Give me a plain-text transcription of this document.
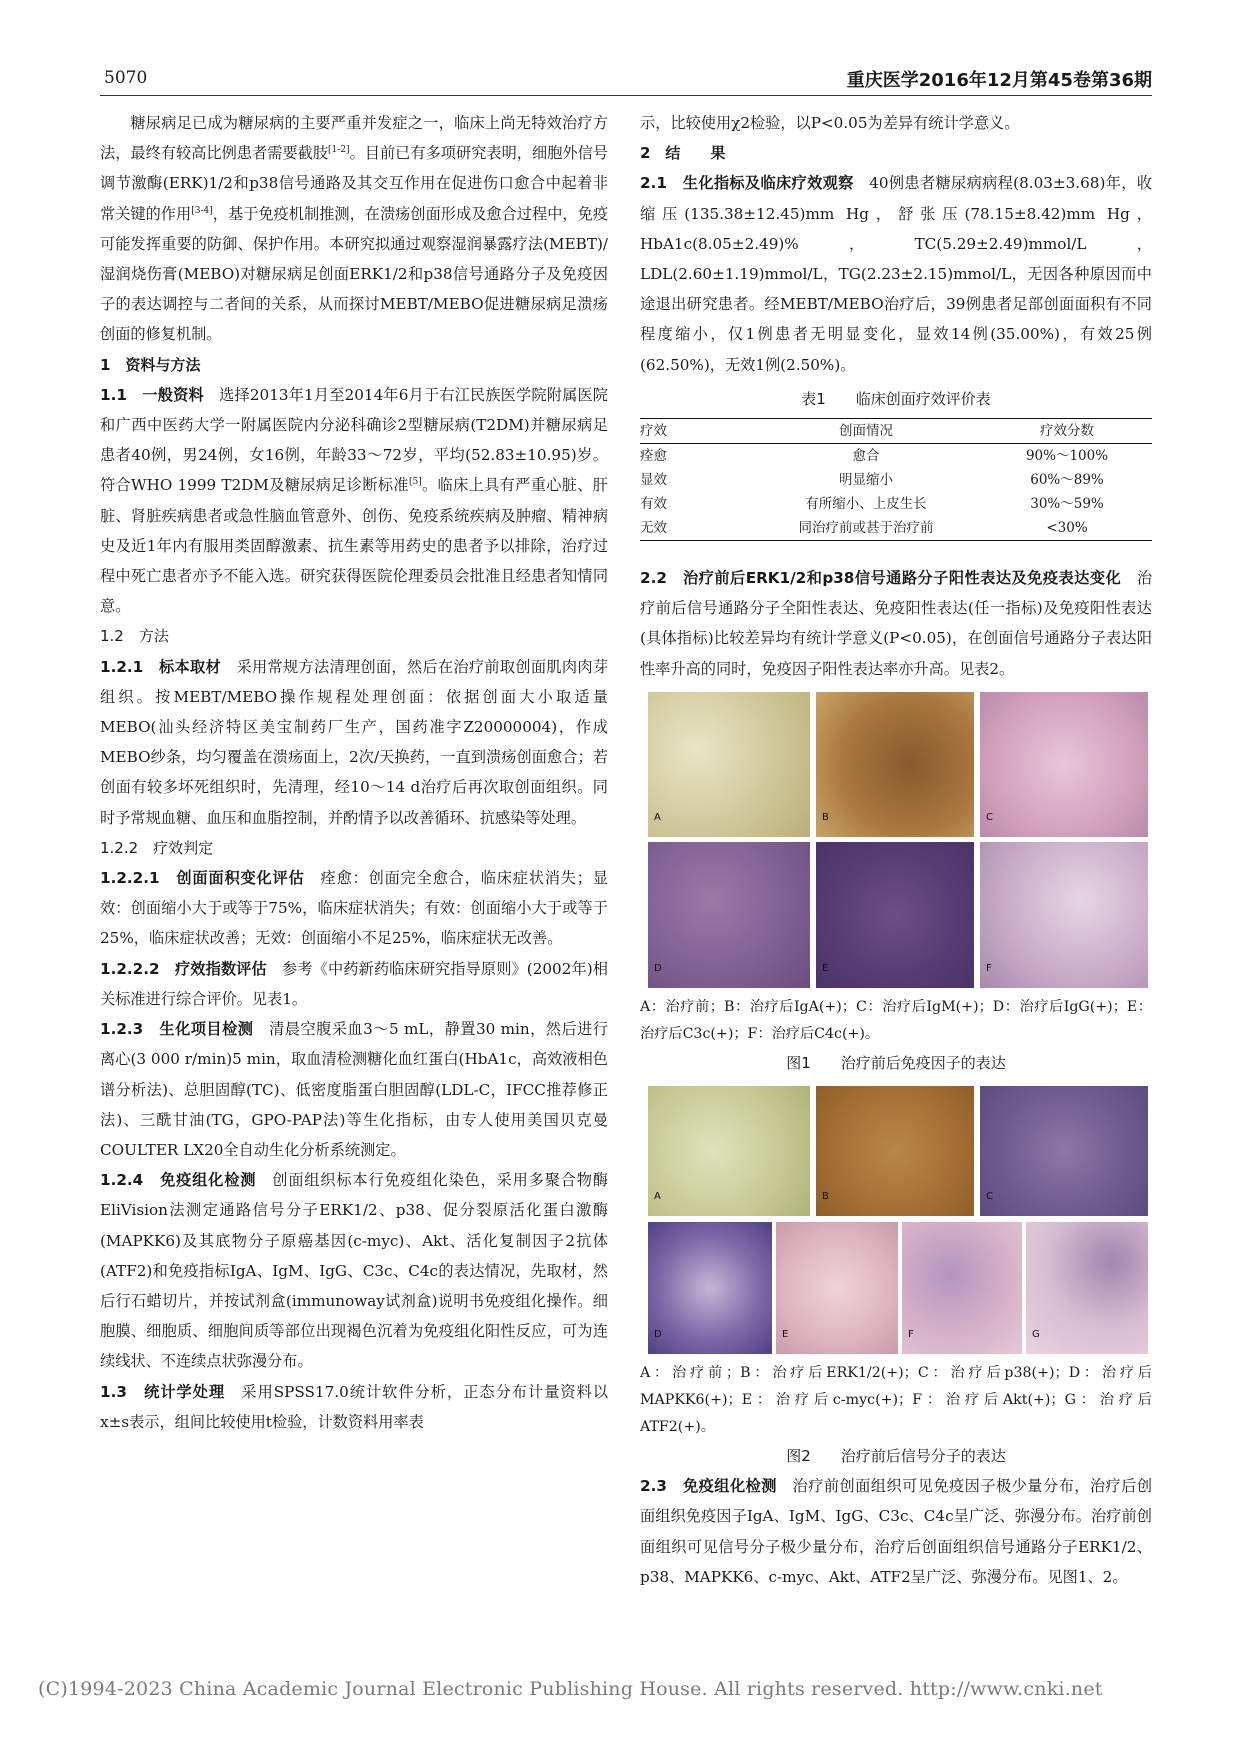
5070	重庆医学2016年12月第45卷第36期

糖尿病足已成为糖尿病的主要严重并发症之一，临床上尚无特效治疗方法，最终有较高比例患者需要截肢[1-2]。目前已有多项研究表明，细胞外信号调节激酶(ERK)1/2和p38信号通路及其交互作用在促进伤口愈合中起着非常关键的作用[3-4]，基于免疫机制推测，在溃疡创面形成及愈合过程中，免疫可能发挥重要的防御、保护作用。本研究拟通过观察湿润暴露疗法(MEBT)/湿润烧伤膏(MEBO)对糖尿病足创面ERK1/2和p38信号通路分子及免疫因子的表达调控与二者间的关系，从而探讨MEBT/MEBO促进糖尿病足溃疡创面的修复机制。

1　资料与方法

1.1　一般资料　选择2013年1月至2014年6月于右江民族医学院附属医院和广西中医药大学一附属医院内分泌科确诊2型糖尿病(T2DM)并糖尿病足患者40例，男24例，女16例，年龄33～72岁，平均(52.83±10.95)岁。符合WHO 1999 T2DM及糖尿病足诊断标准[5]。临床上具有严重心脏、肝脏、肾脏疾病患者或急性脑血管意外、创伤、免疫系统疾病及肿瘤、精神病史及近1年内有服用类固醇激素、抗生素等用药史的患者予以排除，治疗过程中死亡患者亦予不能入选。研究获得医院伦理委员会批准且经患者知情同意。

1.2　方法

1.2.1　标本取材　采用常规方法清理创面，然后在治疗前取创面肌肉肉芽组织。按MEBT/MEBO操作规程处理创面：依据创面大小取适量MEBO(汕头经济特区美宝制药厂生产，国药准字Z20000004)，作成MEBO纱条，均匀覆盖在溃疡面上，2次/天换药，一直到溃疡创面愈合；若创面有较多坏死组织时，先清理，经10～14 d治疗后再次取创面组织。同时予常规血糖、血压和血脂控制，并酌情予以改善循环、抗感染等处理。

1.2.2　疗效判定

1.2.2.1　创面面积变化评估　痊愈：创面完全愈合，临床症状消失；显效：创面缩小大于或等于75%，临床症状消失；有效：创面缩小大于或等于25%，临床症状改善；无效：创面缩小不足25%，临床症状无改善。

1.2.2.2　疗效指数评估　参考《中药新药临床研究指导原则》(2002年)相关标准进行综合评价。见表1。

1.2.3　生化项目检测　清晨空腹采血3～5 mL，静置30 min，然后进行离心(3 000 r/min)5 min，取血清检测糖化血红蛋白(HbA1c，高效液相色谱分析法)、总胆固醇(TC)、低密度脂蛋白胆固醇(LDL-C，IFCC推荐修正法)、三酰甘油(TG，GPO-PAP法)等生化指标，由专人使用美国贝克曼COULTER LX20全自动生化分析系统测定。

1.2.4　免疫组化检测　创面组织标本行免疫组化染色，采用多聚合物酶EliVision法测定通路信号分子ERK1/2、p38、促分裂原活化蛋白激酶(MAPKK6)及其底物分子原癌基因(c-myc)、Akt、活化复制因子2抗体(ATF2)和免疫指标IgA、IgM、IgG、C3c、C4c的表达情况，先取材，然后行石蜡切片，并按试剂盒(immunoway试剂盒)说明书免疫组化操作。细胞膜、细胞质、细胞间质等部位出现褐色沉着为免疫组化阳性反应，可为连续线状、不连续点状弥漫分布。

1.3　统计学处理　采用SPSS17.0统计软件分析，正态分布计量资料以x±s表示，组间比较使用t检验，计数资料用率表

示，比较使用χ2检验，以P<0.05为差异有统计学意义。

2　结　　果

2.1　生化指标及临床疗效观察　40例患者糖尿病病程(8.03±3.68)年，收缩压(135.38±12.45)mm Hg，舒张压(78.15±8.42)mm Hg，HbA1c(8.05±2.49)%，TC(5.29±2.49)mmol/L，LDL(2.60±1.19)mmol/L，TG(2.23±2.15)mmol/L，无因各种原因而中途退出研究患者。经MEBT/MEBO治疗后，39例患者足部创面面积有不同程度缩小，仅1例患者无明显变化，显效14例(35.00%)，有效25例(62.50%)，无效1例(2.50%)。

表1　　临床创面疗效评价表

疗效	创面情况	疗效分数
痊愈	愈合	90%～100%
显效	明显缩小	60%～89%
有效	有所缩小、上皮生长	30%～59%
无效	同治疗前或甚于治疗前	<30%

2.2　治疗前后ERK1/2和p38信号通路分子阳性表达及免疫表达变化　治疗前后信号通路分子全阳性表达、免疫阳性表达(任一指标)及免疫阳性表达(具体指标)比较差异均有统计学意义(P<0.05)，在创面信号通路分子表达阳性率升高的同时，免疫因子阳性表达率亦升高。见表2。

A	B	C
D	E	F

A：治疗前；B：治疗后IgA(+)；C：治疗后IgM(+)；D：治疗后IgG(+)；E：治疗后C3c(+)；F：治疗后C4c(+)。

图1　　治疗前后免疫因子的表达

A	B	C
D	E	F	G

A：治疗前；B：治疗后ERK1/2(+)；C：治疗后p38(+)；D：治疗后MAPKK6(+)；E：治疗后c-myc(+)；F：治疗后Akt(+)；G：治疗后ATF2(+)。

图2　　治疗前后信号分子的表达

2.3　免疫组化检测　治疗前创面组织可见免疫因子极少量分布，治疗后创面组织免疫因子IgA、IgM、IgG、C3c、C4c呈广泛、弥漫分布。治疗前创面组织可见信号分子极少量分布，治疗后创面组织信号通路分子ERK1/2、p38、MAPKK6、c-myc、Akt、ATF2呈广泛、弥漫分布。见图1、2。

(C)1994-2023 China Academic Journal Electronic Publishing House. All rights reserved. http://www.cnki.net
